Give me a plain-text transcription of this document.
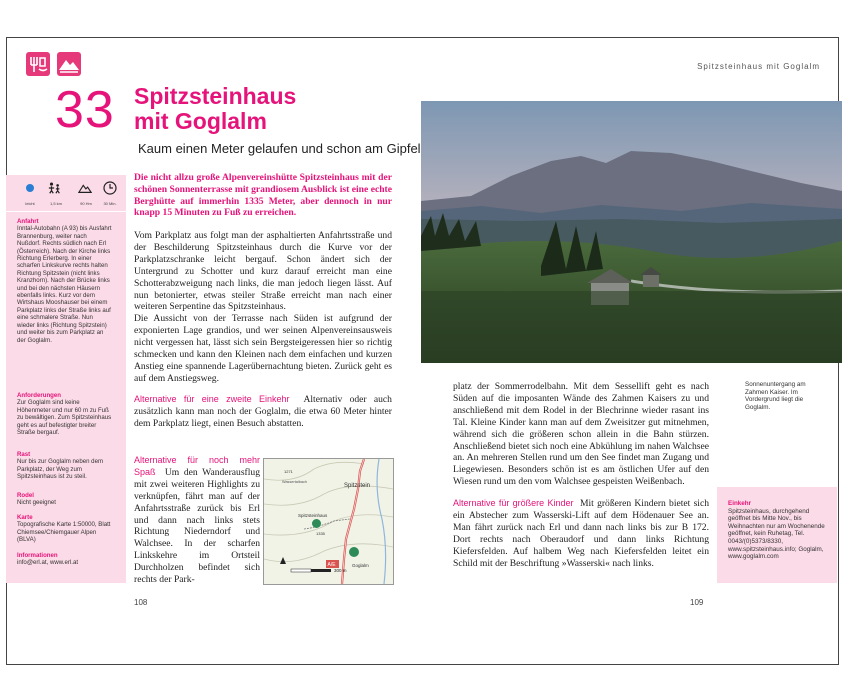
33 Spitzsteinhaus
mit Goglalm
Kaum einen Meter gelaufen und schon am Gipfel
Spitzsteinhaus mit Goglalm
leicht	1,5 km	90 Hm	30 Min.
Anfahrt
Inntal-Autobahn (A 93) bis Ausfahrt Brannenburg, weiter nach Nußdorf. Rechts südlich nach Erl (Österreich). Nach der Kirche links Richtung Erlerberg. In einer scharfen Linkskurve rechts halten Richtung Spitzstein (nicht links Kranzhorn). Nach der Brücke links und bei den nächsten Häusern ebenfalls links. Kurz vor dem Wirtshaus Mooshauser bei einem Parkplatz links der Straße links auf eine schmalere Straße. Nun wieder links (Richtung Spitzstein) und weiter bis zum Parkplatz an der Goglalm.
Anforderungen
Zur Goglalm sind keine Höhenmeter und nur 60 m zu Fuß zu bewältigen. Zum Spitzsteinhaus geht es auf befestigter breiter Straße bergauf.
Rast
Nur bis zur Goglalm neben dem Parkplatz, der Weg zum Spitzsteinhaus ist zu steil.
Rodel
Nicht geeignet
Karte
Topografische Karte 1:50000, Blatt Chiemsee/Chiemgauer Alpen (BLVA)
Informationen
info@erl.at, www.erl.at
Die nicht allzu große Alpenvereinshütte Spitzsteinhaus mit der schönen Sonnenterrasse mit grandiosem Ausblick ist eine echte Berghütte auf immerhin 1335 Meter, aber dennoch in nur knapp 15 Minuten zu Fuß zu erreichen.

Vom Parkplatz aus folgt man der asphaltierten Anfahrtsstraße und der Beschilderung Spitzsteinhaus durch die Kurve vor der Parkplatzschranke leicht bergauf. Schon ändert sich der Untergrund zu Schotter und kurz darauf erreicht man eine Schotterabzweigung nach links, die man jedoch liegen lässt. Auf nun betonierter, etwas steiler Straße erreicht man nach einer weiteren Serpentine das Spitzsteinhaus.

Die Aussicht von der Terrasse nach Süden ist aufgrund der exponierten Lage grandios, und wer seinen Alpenvereinsausweis nicht vergessen hat, lässt sich sein Bergsteigeressen hier so richtig schmecken und kann den Kleinen nach dem einfachen und kurzen Anstieg eine spannende Lagerübernachtung bieten. Zurück geht es auf dem Anstiegsweg.

Alternative für eine zweite Einkehr Alternativ oder auch zusätzlich kann man noch der Goglalm, die etwa 60 Meter hinter dem Parkplatz liegt, einen Besuch abstatten.

Alternative für noch mehr Spaß Um den Wanderausflug mit zwei weiteren Highlights zu verknüpfen, fährt man auf der Anfahrtsstraße zurück bis Erl und dann nach links stets Richtung Niederndorf und Walchsee. In der scharfen Linkskehre im Ortsteil Durchholzen befindet sich rechts der Park-

Spitzstein
Spitzsteinhaus
Goglalm
Wassertalbach
1335
1271
A/E
300 m

platz der Sommerrodelbahn. Mit dem Sessellift geht es nach Süden auf die imposanten Wände des Zahmen Kaisers zu und anschließend mit dem Rodel in der Blechrinne wieder rasant ins Tal. Kleine Kinder kann man auf dem Zweisitzer gut mitnehmen, während sich die größeren schon allein in die Bahn stürzen. Anschließend bietet sich noch eine Abkühlung im nahen Walchsee an. An mehreren Stellen rund um den See findet man Zugang und Liegewiesen. Besonders schön ist es am östlichen Ufer auf den Wiesen rund um den vom Walchsee gespeisten Weißenbach.

Alternative für größere Kinder Mit größeren Kindern bietet sich ein Abstecher zum Wasserski-Lift auf dem Hödenauer See an. Man fährt zurück nach Erl und dann nach links bis zur B 172. Dort rechts nach Oberaudorf und dann links Richtung Kiefersfelden. Auf halbem Weg nach Kiefersfelden leitet ein Schild mit der Beschriftung »Wasserski« nach links.

Sonnenuntergang am Zahmen Kaiser. Im Vordergrund liegt die Goglalm.
Einkehr
Spitzsteinhaus, durchgehend geöffnet bis Mitte Nov., bis Weihnachten nur am Wochenende geöffnet, kein Ruhetag, Tel. 0043/(0)5373/8330, www.spitzsteinhaus.info; Goglalm, www.goglalm.com
108	109
